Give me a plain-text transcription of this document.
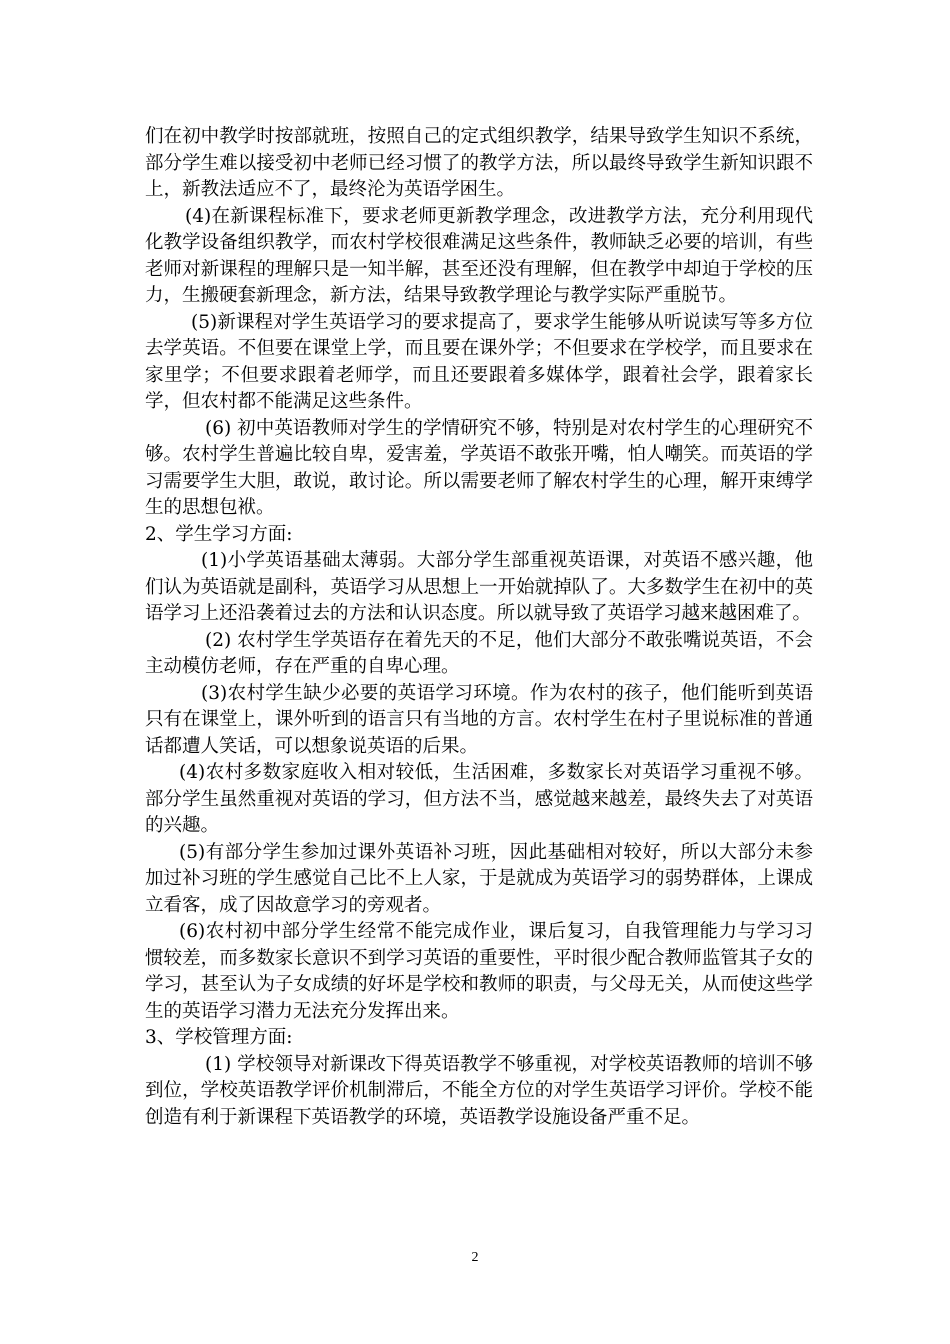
们在初中教学时按部就班，按照自己的定式组织教学，结果导致学生知识不系统，部分学生难以接受初中老师已经习惯了的教学方法，所以最终导致学生新知识跟不上，新教法适应不了，最终沦为英语学困生。

(4)在新课程标准下，要求老师更新教学理念，改进教学方法，充分利用现代化教学设备组织教学，而农村学校很难满足这些条件，教师缺乏必要的培训，有些老师对新课程的理解只是一知半解，甚至还没有理解，但在教学中却迫于学校的压力，生搬硬套新理念，新方法，结果导致教学理论与教学实际严重脱节。

(5)新课程对学生英语学习的要求提高了，要求学生能够从听说读写等多方位去学英语。不但要在课堂上学，而且要在课外学；不但要求在学校学，而且要求在家里学；不但要求跟着老师学，而且还要跟着多媒体学，跟着社会学，跟着家长学，但农村都不能满足这些条件。

(6) 初中英语教师对学生的学情研究不够，特别是对农村学生的心理研究不够。农村学生普遍比较自卑，爱害羞，学英语不敢张开嘴，怕人嘲笑。而英语的学习需要学生大胆，敢说，敢讨论。所以需要老师了解农村学生的心理，解开束缚学生的思想包袱。

2、学生学习方面:

(1)小学英语基础太薄弱。大部分学生部重视英语课，对英语不感兴趣，他们认为英语就是副科，英语学习从思想上一开始就掉队了。大多数学生在初中的英语学习上还沿袭着过去的方法和认识态度。所以就导致了英语学习越来越困难了。

(2) 农村学生学英语存在着先天的不足，他们大部分不敢张嘴说英语，不会主动模仿老师，存在严重的自卑心理。

(3)农村学生缺少必要的英语学习环境。作为农村的孩子，他们能听到英语只有在课堂上，课外听到的语言只有当地的方言。农村学生在村子里说标准的普通话都遭人笑话，可以想象说英语的后果。

(4)农村多数家庭收入相对较低，生活困难，多数家长对英语学习重视不够。部分学生虽然重视对英语的学习，但方法不当，感觉越来越差，最终失去了对英语的兴趣。

(5)有部分学生参加过课外英语补习班，因此基础相对较好，所以大部分未参加过补习班的学生感觉自己比不上人家，于是就成为英语学习的弱势群体，上课成立看客，成了因故意学习的旁观者。

(6)农村初中部分学生经常不能完成作业，课后复习，自我管理能力与学习习惯较差，而多数家长意识不到学习英语的重要性，平时很少配合教师监管其子女的学习，甚至认为子女成绩的好坏是学校和教师的职责，与父母无关，从而使这些学生的英语学习潜力无法充分发挥出来。

3、学校管理方面:

(1) 学校领导对新课改下得英语教学不够重视，对学校英语教师的培训不够到位，学校英语教学评价机制滞后，不能全方位的对学生英语学习评价。学校不能创造有利于新课程下英语教学的环境，英语教学设施设备严重不足。

2
